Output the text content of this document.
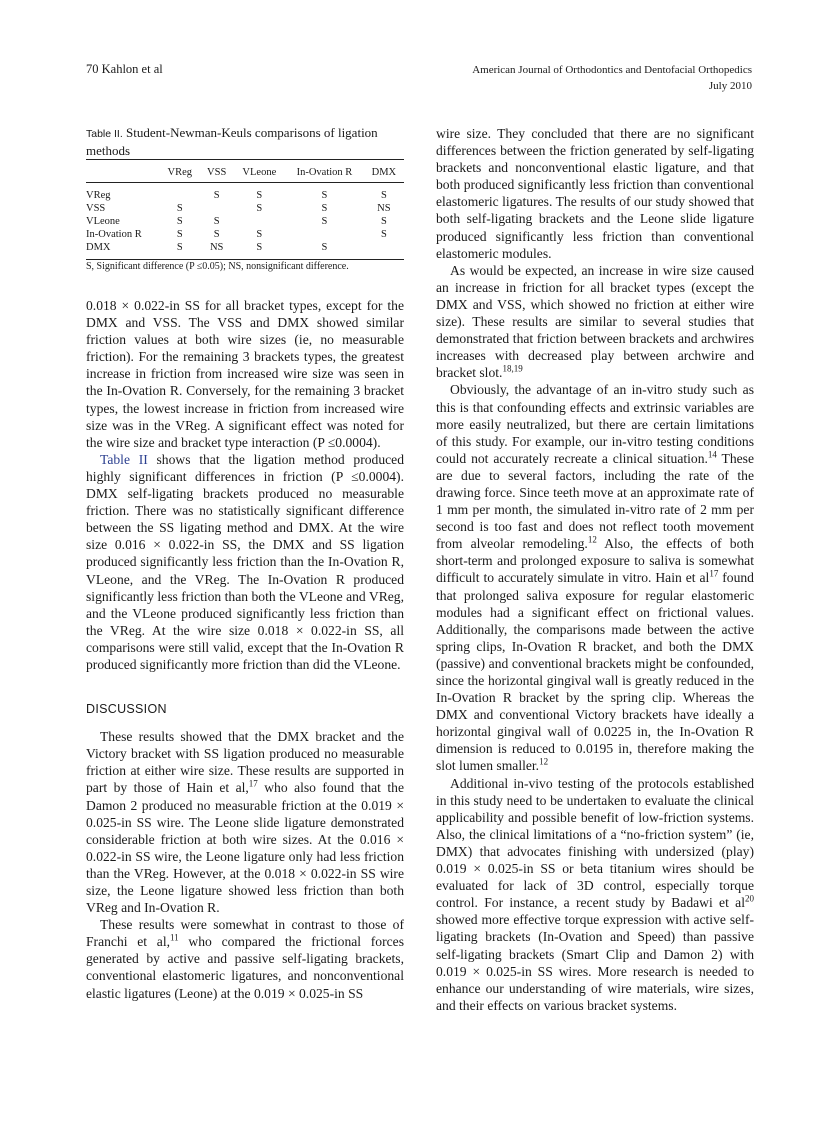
70 Kahlon et al	American Journal of Orthodontics and Dentofacial Orthopedics
July 2010

Table II. Student-Newman-Keuls comparisons of ligation methods

	VReg	VSS	VLeone	In-Ovation R	DMX
VReg		S	S	S	S
VSS	S		S	S	NS
VLeone	S	S		S	S
In-Ovation R	S	S	S		S
DMX	S	NS	S	S	

S, Significant difference (P ≤0.05); NS, nonsignificant difference.

0.018 × 0.022-in SS for all bracket types, except for the DMX and VSS. The VSS and DMX showed similar friction values at both wire sizes (ie, no measurable friction). For the remaining 3 brackets types, the greatest increase in friction from increased wire size was seen in the In-Ovation R. Conversely, for the remaining 3 bracket types, the lowest increase in friction from increased wire size was in the VReg. A significant effect was noted for the wire size and bracket type interaction (P ≤0.0004).

Table II shows that the ligation method produced highly significant differences in friction (P ≤0.0004). DMX self-ligating brackets produced no measurable friction. There was no statistically significant difference between the SS ligating method and DMX. At the wire size 0.016 × 0.022-in SS, the DMX and SS ligation produced significantly less friction than the In-Ovation R, VLeone, and the VReg. The In-Ovation R produced significantly less friction than both the VLeone and VReg, and the VLeone produced significantly less friction than the VReg. At the wire size 0.018 × 0.022-in SS, all comparisons were still valid, except that the In-Ovation R produced significantly more friction than did the VLeone.

DISCUSSION

These results showed that the DMX bracket and the Victory bracket with SS ligation produced no measurable friction at either wire size. These results are supported in part by those of Hain et al,$^{17}$ who also found that the Damon 2 produced no measurable friction at the 0.019 × 0.025-in SS wire. The Leone slide ligature demonstrated considerable friction at both wire sizes. At the 0.016 × 0.022-in SS wire, the Leone ligature only had less friction than the VReg. However, at the 0.018 × 0.022-in SS wire size, the Leone ligature showed less friction than both VReg and In-Ovation R.

These results were somewhat in contrast to those of Franchi et al,$^{11}$ who compared the frictional forces generated by active and passive self-ligating brackets, conventional elastomeric ligatures, and nonconventional elastic ligatures (Leone) at the 0.019 × 0.025-in SS

wire size. They concluded that there are no significant differences between the friction generated by self-ligating brackets and nonconventional elastic ligature, and that both produced significantly less friction than conventional elastomeric ligatures. The results of our study showed that both self-ligating brackets and the Leone slide ligature produced significantly less friction than conventional elastomeric modules.

As would be expected, an increase in wire size caused an increase in friction for all bracket types (except the DMX and VSS, which showed no friction at either wire size). These results are similar to several studies that demonstrated that friction between brackets and archwires increases with decreased play between archwire and bracket slot.$^{18,19}$

Obviously, the advantage of an in-vitro study such as this is that confounding effects and extrinsic variables are more easily neutralized, but there are certain limitations of this study. For example, our in-vitro testing conditions could not accurately recreate a clinical situation.$^{14}$ These are due to several factors, including the rate of the drawing force. Since teeth move at an approximate rate of 1 mm per month, the simulated in-vitro rate of 2 mm per second is too fast and does not reflect tooth movement from alveolar remodeling.$^{12}$ Also, the effects of both short-term and prolonged exposure to saliva is somewhat difficult to accurately simulate in vitro. Hain et $al^{17}$ found that prolonged saliva exposure for regular elastomeric modules had a significant effect on frictional values. Additionally, the comparisons made between the active spring clips, In-Ovation R bracket, and both the DMX (passive) and conventional brackets might be confounded, since the horizontal gingival wall is greatly reduced in the In-Ovation R bracket by the spring clip. Whereas the DMX and conventional Victory brackets have ideally a horizontal gingival wall of 0.0225 in, the In-Ovation R dimension is reduced to 0.0195 in, therefore making the slot lumen smaller.$^{12}$

Additional in-vivo testing of the protocols established in this study need to be undertaken to evaluate the clinical applicability and possible benefit of low-friction systems. Also, the clinical limitations of a “no-friction system” (ie, DMX) that advocates finishing with undersized (play) 0.019 × 0.025-in SS or beta titanium wires should be evaluated for lack of 3D control, especially torque control. For instance, a recent study by Badawi et $al^{20}$ showed more effective torque expression with active self-ligating brackets (In-Ovation and Speed) than passive self-ligating brackets (Smart Clip and Damon 2) with 0.019 × 0.025-in SS wires. More research is needed to enhance our understanding of wire materials, wire sizes, and their effects on various bracket systems.
